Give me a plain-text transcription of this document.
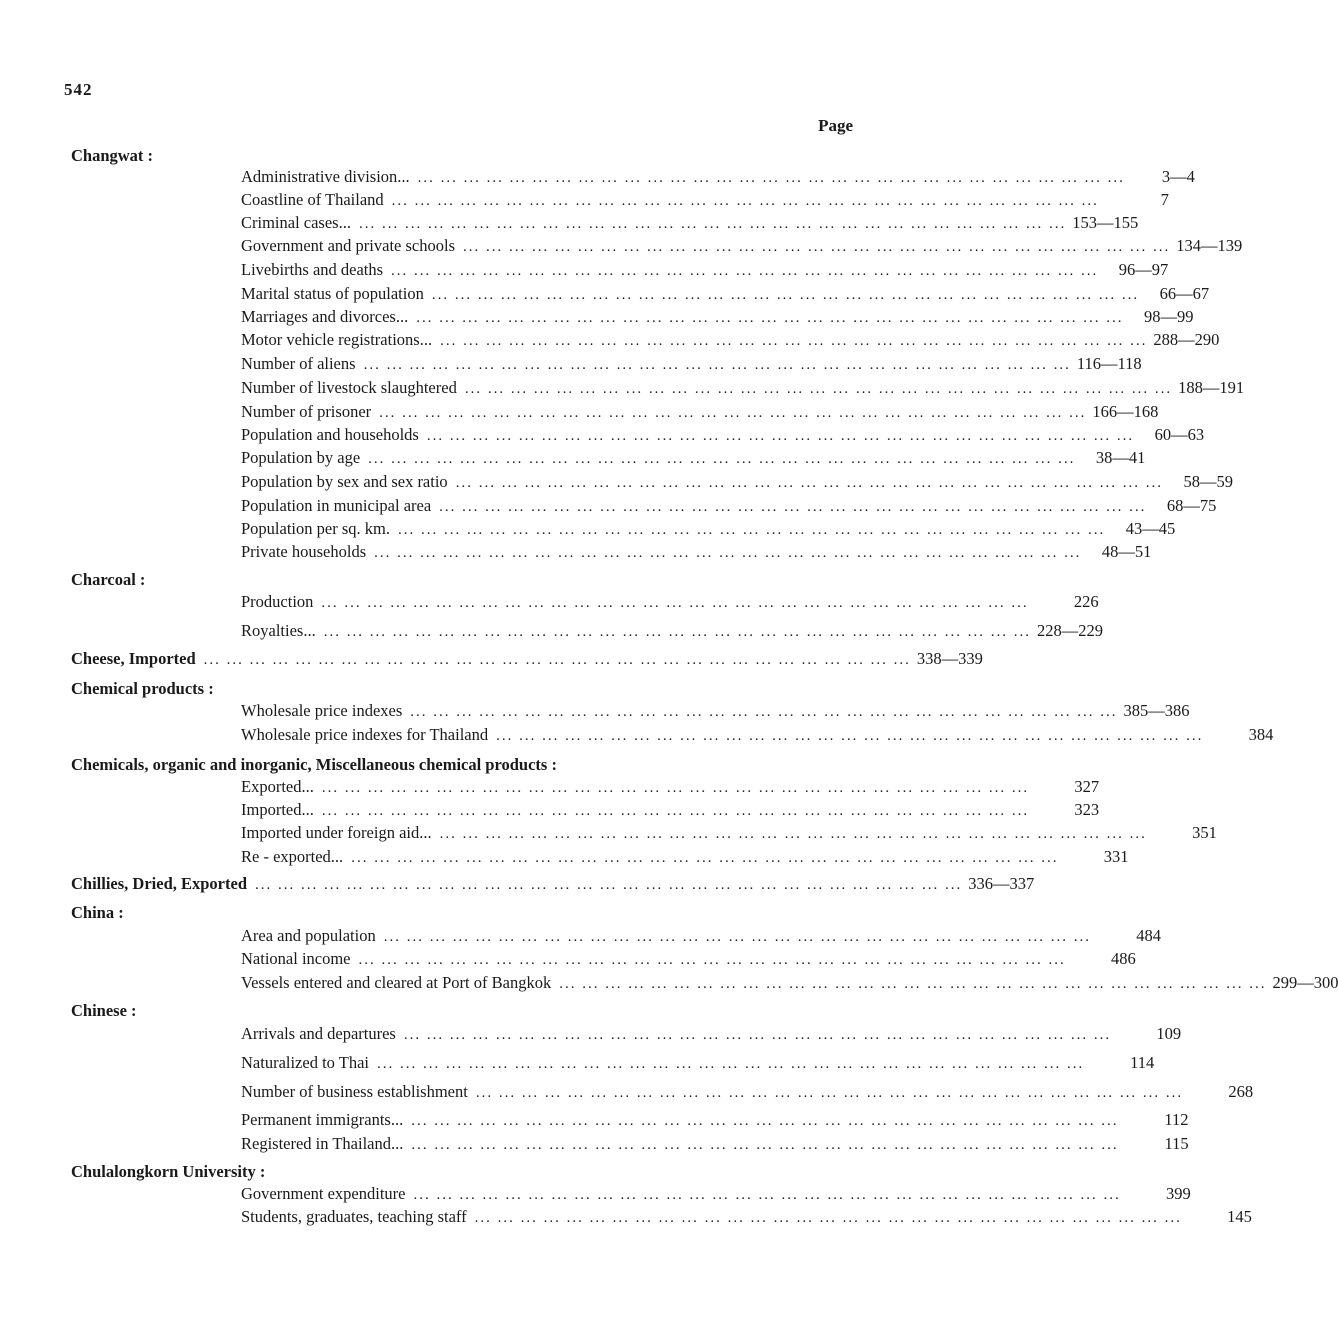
542
Page
Changwat :
Administrative division... ... ... ... ... ... ... ... ... ... ... ... ... ... ... ... ... ... ... ... ... ... ... ... ... ... ... ... ... ... ... ...	3—4
Coastline of Thailand ... ... ... ... ... ... ... ... ... ... ... ... ... ... ... ... ... ... ... ... ... ... ... ... ... ... ... ... ... ... ...	7
Criminal cases... ... ... ... ... ... ... ... ... ... ... ... ... ... ... ... ... ... ... ... ... ... ... ... ... ... ... ... ... ... ... ... 153—155
Government and private schools ... ... ... ... ... ... ... ... ... ... ... ... ... ... ... ... ... ... ... ... ... ... ... ... ... ... ... ... ... ... ... 134—139
Livebirths and deaths ... ... ... ... ... ... ... ... ... ... ... ... ... ... ... ... ... ... ... ... ... ... ... ... ... ... ... ... ... ... ...	96—97
Marital status of population ... ... ... ... ... ... ... ... ... ... ... ... ... ... ... ... ... ... ... ... ... ... ... ... ... ... ... ... ... ... ...	66—67
Marriages and divorces... ... ... ... ... ... ... ... ... ... ... ... ... ... ... ... ... ... ... ... ... ... ... ... ... ... ... ... ... ... ... ...	98—99
Motor vehicle registrations... ... ... ... ... ... ... ... ... ... ... ... ... ... ... ... ... ... ... ... ... ... ... ... ... ... ... ... ... ... ... ... 288—290
Number of aliens ... ... ... ... ... ... ... ... ... ... ... ... ... ... ... ... ... ... ... ... ... ... ... ... ... ... ... ... ... ... ... 116—118
Number of livestock slaughtered ... ... ... ... ... ... ... ... ... ... ... ... ... ... ... ... ... ... ... ... ... ... ... ... ... ... ... ... ... ... ... 188—191
Number of prisoner ... ... ... ... ... ... ... ... ... ... ... ... ... ... ... ... ... ... ... ... ... ... ... ... ... ... ... ... ... ... ... 166—168
Population and households ... ... ... ... ... ... ... ... ... ... ... ... ... ... ... ... ... ... ... ... ... ... ... ... ... ... ... ... ... ... ...	60—63
Population by age ... ... ... ... ... ... ... ... ... ... ... ... ... ... ... ... ... ... ... ... ... ... ... ... ... ... ... ... ... ... ...	38—41
Population by sex and sex ratio ... ... ... ... ... ... ... ... ... ... ... ... ... ... ... ... ... ... ... ... ... ... ... ... ... ... ... ... ... ... ...	58—59
Population in municipal area ... ... ... ... ... ... ... ... ... ... ... ... ... ... ... ... ... ... ... ... ... ... ... ... ... ... ... ... ... ... ...	68—75
Population per sq. km. ... ... ... ... ... ... ... ... ... ... ... ... ... ... ... ... ... ... ... ... ... ... ... ... ... ... ... ... ... ... ...	43—45
Private households ... ... ... ... ... ... ... ... ... ... ... ... ... ... ... ... ... ... ... ... ... ... ... ... ... ... ... ... ... ... ...	48—51
Charcoal :
Production ... ... ... ... ... ... ... ... ... ... ... ... ... ... ... ... ... ... ... ... ... ... ... ... ... ... ... ... ... ... ...	226
Royalties... ... ... ... ... ... ... ... ... ... ... ... ... ... ... ... ... ... ... ... ... ... ... ... ... ... ... ... ... ... ... ... 228—229
Cheese, Imported ... ... ... ... ... ... ... ... ... ... ... ... ... ... ... ... ... ... ... ... ... ... ... ... ... ... ... ... ... ... ... 338—339
Chemical products :
Wholesale price indexes ... ... ... ... ... ... ... ... ... ... ... ... ... ... ... ... ... ... ... ... ... ... ... ... ... ... ... ... ... ... ... 385—386
Wholesale price indexes for Thailand ... ... ... ... ... ... ... ... ... ... ... ... ... ... ... ... ... ... ... ... ... ... ... ... ... ... ... ... ... ... ...	384
Chemicals, organic and inorganic, Miscellaneous chemical products :
Exported... ... ... ... ... ... ... ... ... ... ... ... ... ... ... ... ... ... ... ... ... ... ... ... ... ... ... ... ... ... ... ...	327
Imported... ... ... ... ... ... ... ... ... ... ... ... ... ... ... ... ... ... ... ... ... ... ... ... ... ... ... ... ... ... ... ...	323
Imported under foreign aid... ... ... ... ... ... ... ... ... ... ... ... ... ... ... ... ... ... ... ... ... ... ... ... ... ... ... ... ... ... ... ...	351
Re - exported... ... ... ... ... ... ... ... ... ... ... ... ... ... ... ... ... ... ... ... ... ... ... ... ... ... ... ... ... ... ... ...	331
Chillies, Dried, Exported ... ... ... ... ... ... ... ... ... ... ... ... ... ... ... ... ... ... ... ... ... ... ... ... ... ... ... ... ... ... ... 336—337
China :
Area and population ... ... ... ... ... ... ... ... ... ... ... ... ... ... ... ... ... ... ... ... ... ... ... ... ... ... ... ... ... ... ...	484
National income ... ... ... ... ... ... ... ... ... ... ... ... ... ... ... ... ... ... ... ... ... ... ... ... ... ... ... ... ... ... ...	486
Vessels entered and cleared at Port of Bangkok ... ... ... ... ... ... ... ... ... ... ... ... ... ... ... ... ... ... ... ... ... ... ... ... ... ... ... ... ... ... ... 299—300
Chinese :
Arrivals and departures ... ... ... ... ... ... ... ... ... ... ... ... ... ... ... ... ... ... ... ... ... ... ... ... ... ... ... ... ... ... ...	109
Naturalized to Thai ... ... ... ... ... ... ... ... ... ... ... ... ... ... ... ... ... ... ... ... ... ... ... ... ... ... ... ... ... ... ...	114
Number of business establishment ... ... ... ... ... ... ... ... ... ... ... ... ... ... ... ... ... ... ... ... ... ... ... ... ... ... ... ... ... ... ...	268
Permanent immigrants... ... ... ... ... ... ... ... ... ... ... ... ... ... ... ... ... ... ... ... ... ... ... ... ... ... ... ... ... ... ... ...	112
Registered in Thailand... ... ... ... ... ... ... ... ... ... ... ... ... ... ... ... ... ... ... ... ... ... ... ... ... ... ... ... ... ... ... ...	115
Chulalongkorn University :
Government expenditure ... ... ... ... ... ... ... ... ... ... ... ... ... ... ... ... ... ... ... ... ... ... ... ... ... ... ... ... ... ... ...	399
Students, graduates, teaching staff ... ... ... ... ... ... ... ... ... ... ... ... ... ... ... ... ... ... ... ... ... ... ... ... ... ... ... ... ... ... ...	145
